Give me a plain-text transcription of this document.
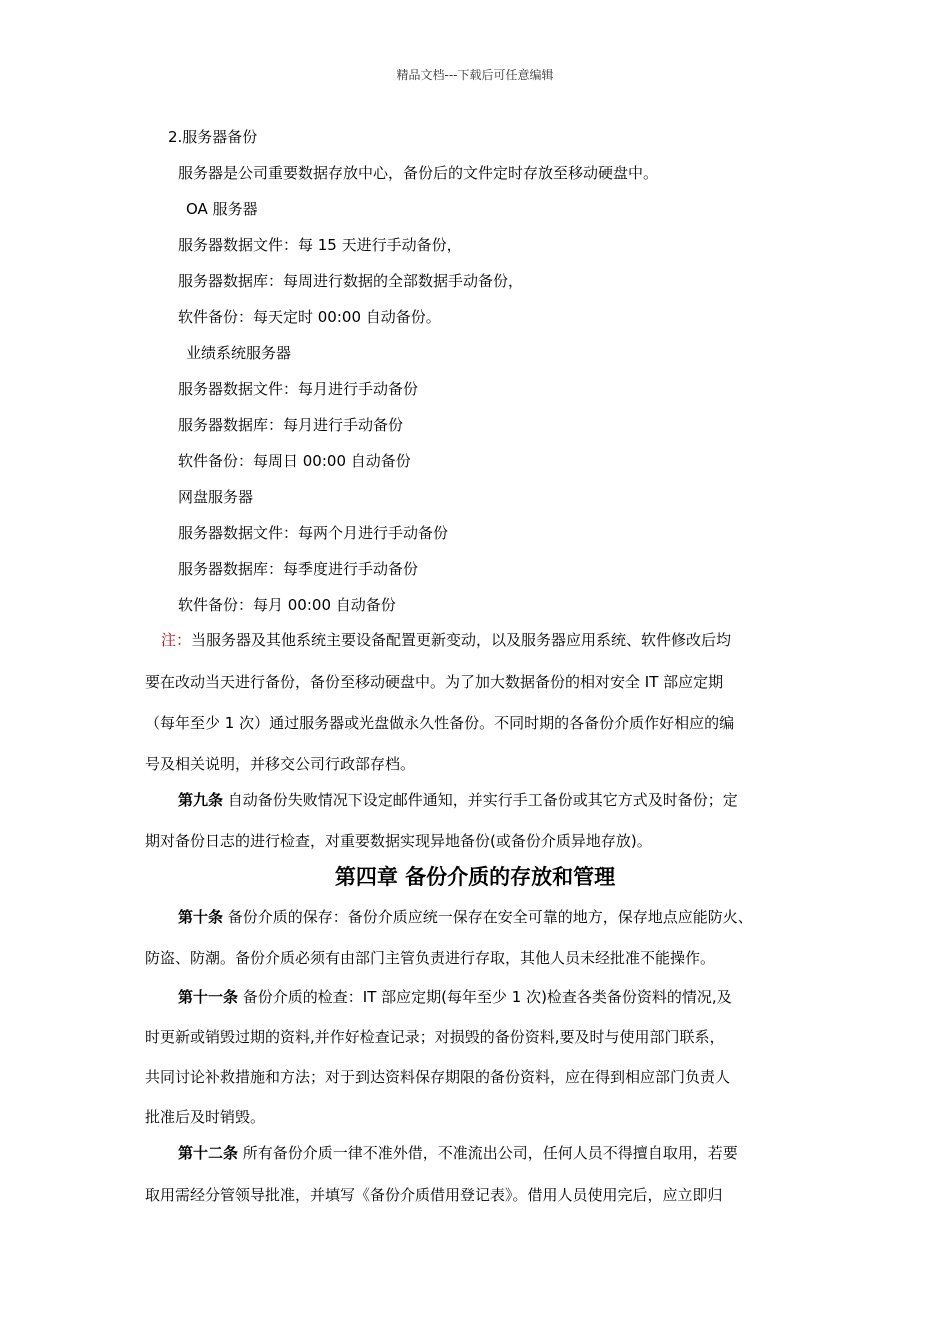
精品文档---下载后可任意编辑
2.服务器备份
服务器是公司重要数据存放中心，备份后的文件定时存放至移动硬盘中。
OA 服务器
服务器数据文件：每 15 天进行手动备份，
服务器数据库：每周进行数据的全部数据手动备份，
软件备份：每天定时 00:00 自动备份。
业绩系统服务器
服务器数据文件：每月进行手动备份
服务器数据库：每月进行手动备份
软件备份：每周日 00:00 自动备份
网盘服务器
服务器数据文件：每两个月进行手动备份
服务器数据库：每季度进行手动备份
软件备份：每月 00:00 自动备份
注：当服务器及其他系统主要设备配置更新变动，以及服务器应用系统、软件修改后均
要在改动当天进行备份，备份至移动硬盘中。为了加大数据备份的相对安全 IT 部应定期
（每年至少 1 次）通过服务器或光盘做永久性备份。不同时期的各备份介质作好相应的编
号及相关说明，并移交公司行政部存档。
第九条 自动备份失败情况下设定邮件通知，并实行手工备份或其它方式及时备份；定
期对备份日志的进行检查，对重要数据实现异地备份(或备份介质异地存放)。
第四章 备份介质的存放和管理
第十条 备份介质的保存：备份介质应统一保存在安全可靠的地方，保存地点应能防火、
防盗、防潮。备份介质必须有由部门主管负责进行存取，其他人员未经批准不能操作。
第十一条 备份介质的检查：IT 部应定期(每年至少 1 次)检查各类备份资料的情况,及
时更新或销毁过期的资料,并作好检查记录；对损毁的备份资料,要及时与使用部门联系，
共同讨论补救措施和方法；对于到达资料保存期限的备份资料，应在得到相应部门负责人
批准后及时销毁。
第十二条 所有备份介质一律不准外借，不准流出公司，任何人员不得擅自取用，若要
取用需经分管领导批准，并填写《备份介质借用登记表》。借用人员使用完后，应立即归
